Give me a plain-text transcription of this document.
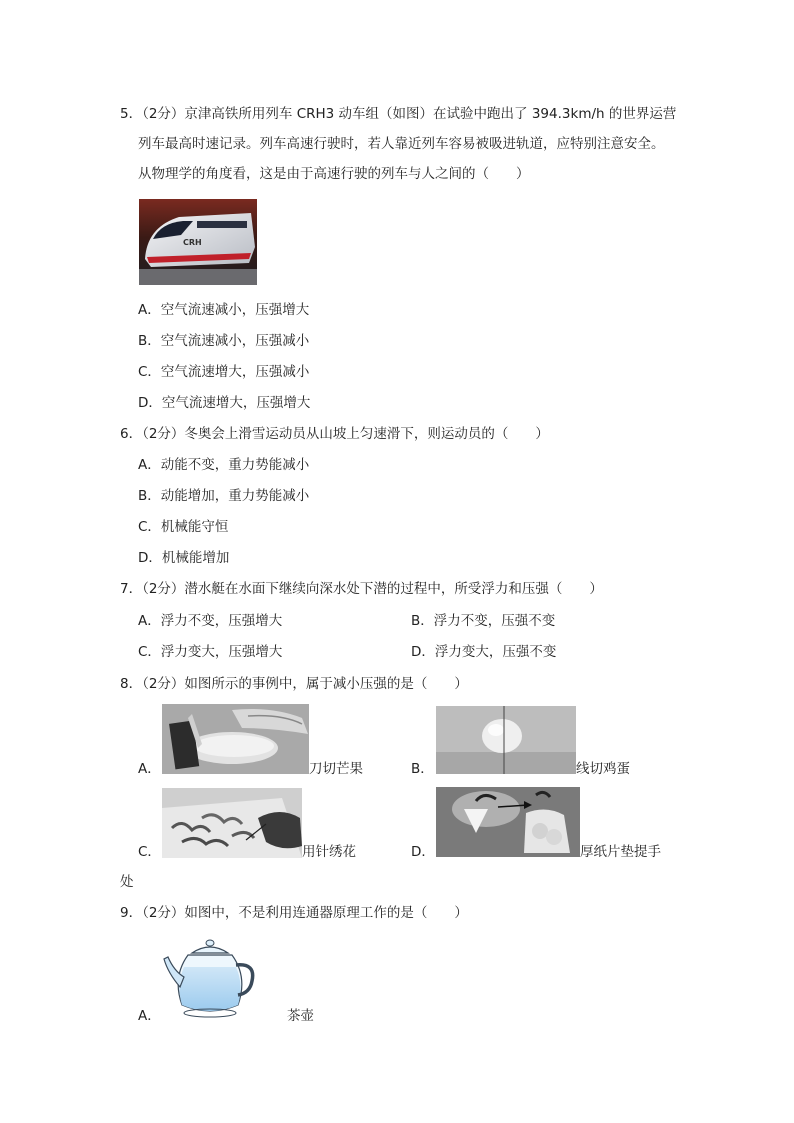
5．（2分）京津高铁所用列车 CRH3 动车组（如图）在试验中跑出了 394.3km/h 的世界运营
列车最高时速记录。列车高速行驶时，若人靠近列车容易被吸进轨道，应特别注意安全。
从物理学的角度看，这是由于高速行驶的列车与人之间的（　　）
CRH
A．空气流速减小，压强增大
B．空气流速减小，压强减小
C．空气流速增大，压强减小
D．空气流速增大，压强增大
6．（2分）冬奥会上滑雪运动员从山坡上匀速滑下，则运动员的（　　）
A．动能不变，重力势能减小
B．动能增加，重力势能减小
C．机械能守恒
D．机械能增加
7．（2分）潜水艇在水面下继续向深水处下潜的过程中，所受浮力和压强（　　）
A．浮力不变，压强增大	B．浮力不变，压强不变
C．浮力变大，压强增大	D．浮力变大，压强不变
8．（2分）如图所示的事例中，属于减小压强的是（　　）
A．	刀切芒果	B．	线切鸡蛋
C．	用针绣花	D．	厚纸片垫提手
处
9．（2分）如图中，不是利用连通器原理工作的是（　　）
A．	茶壶
